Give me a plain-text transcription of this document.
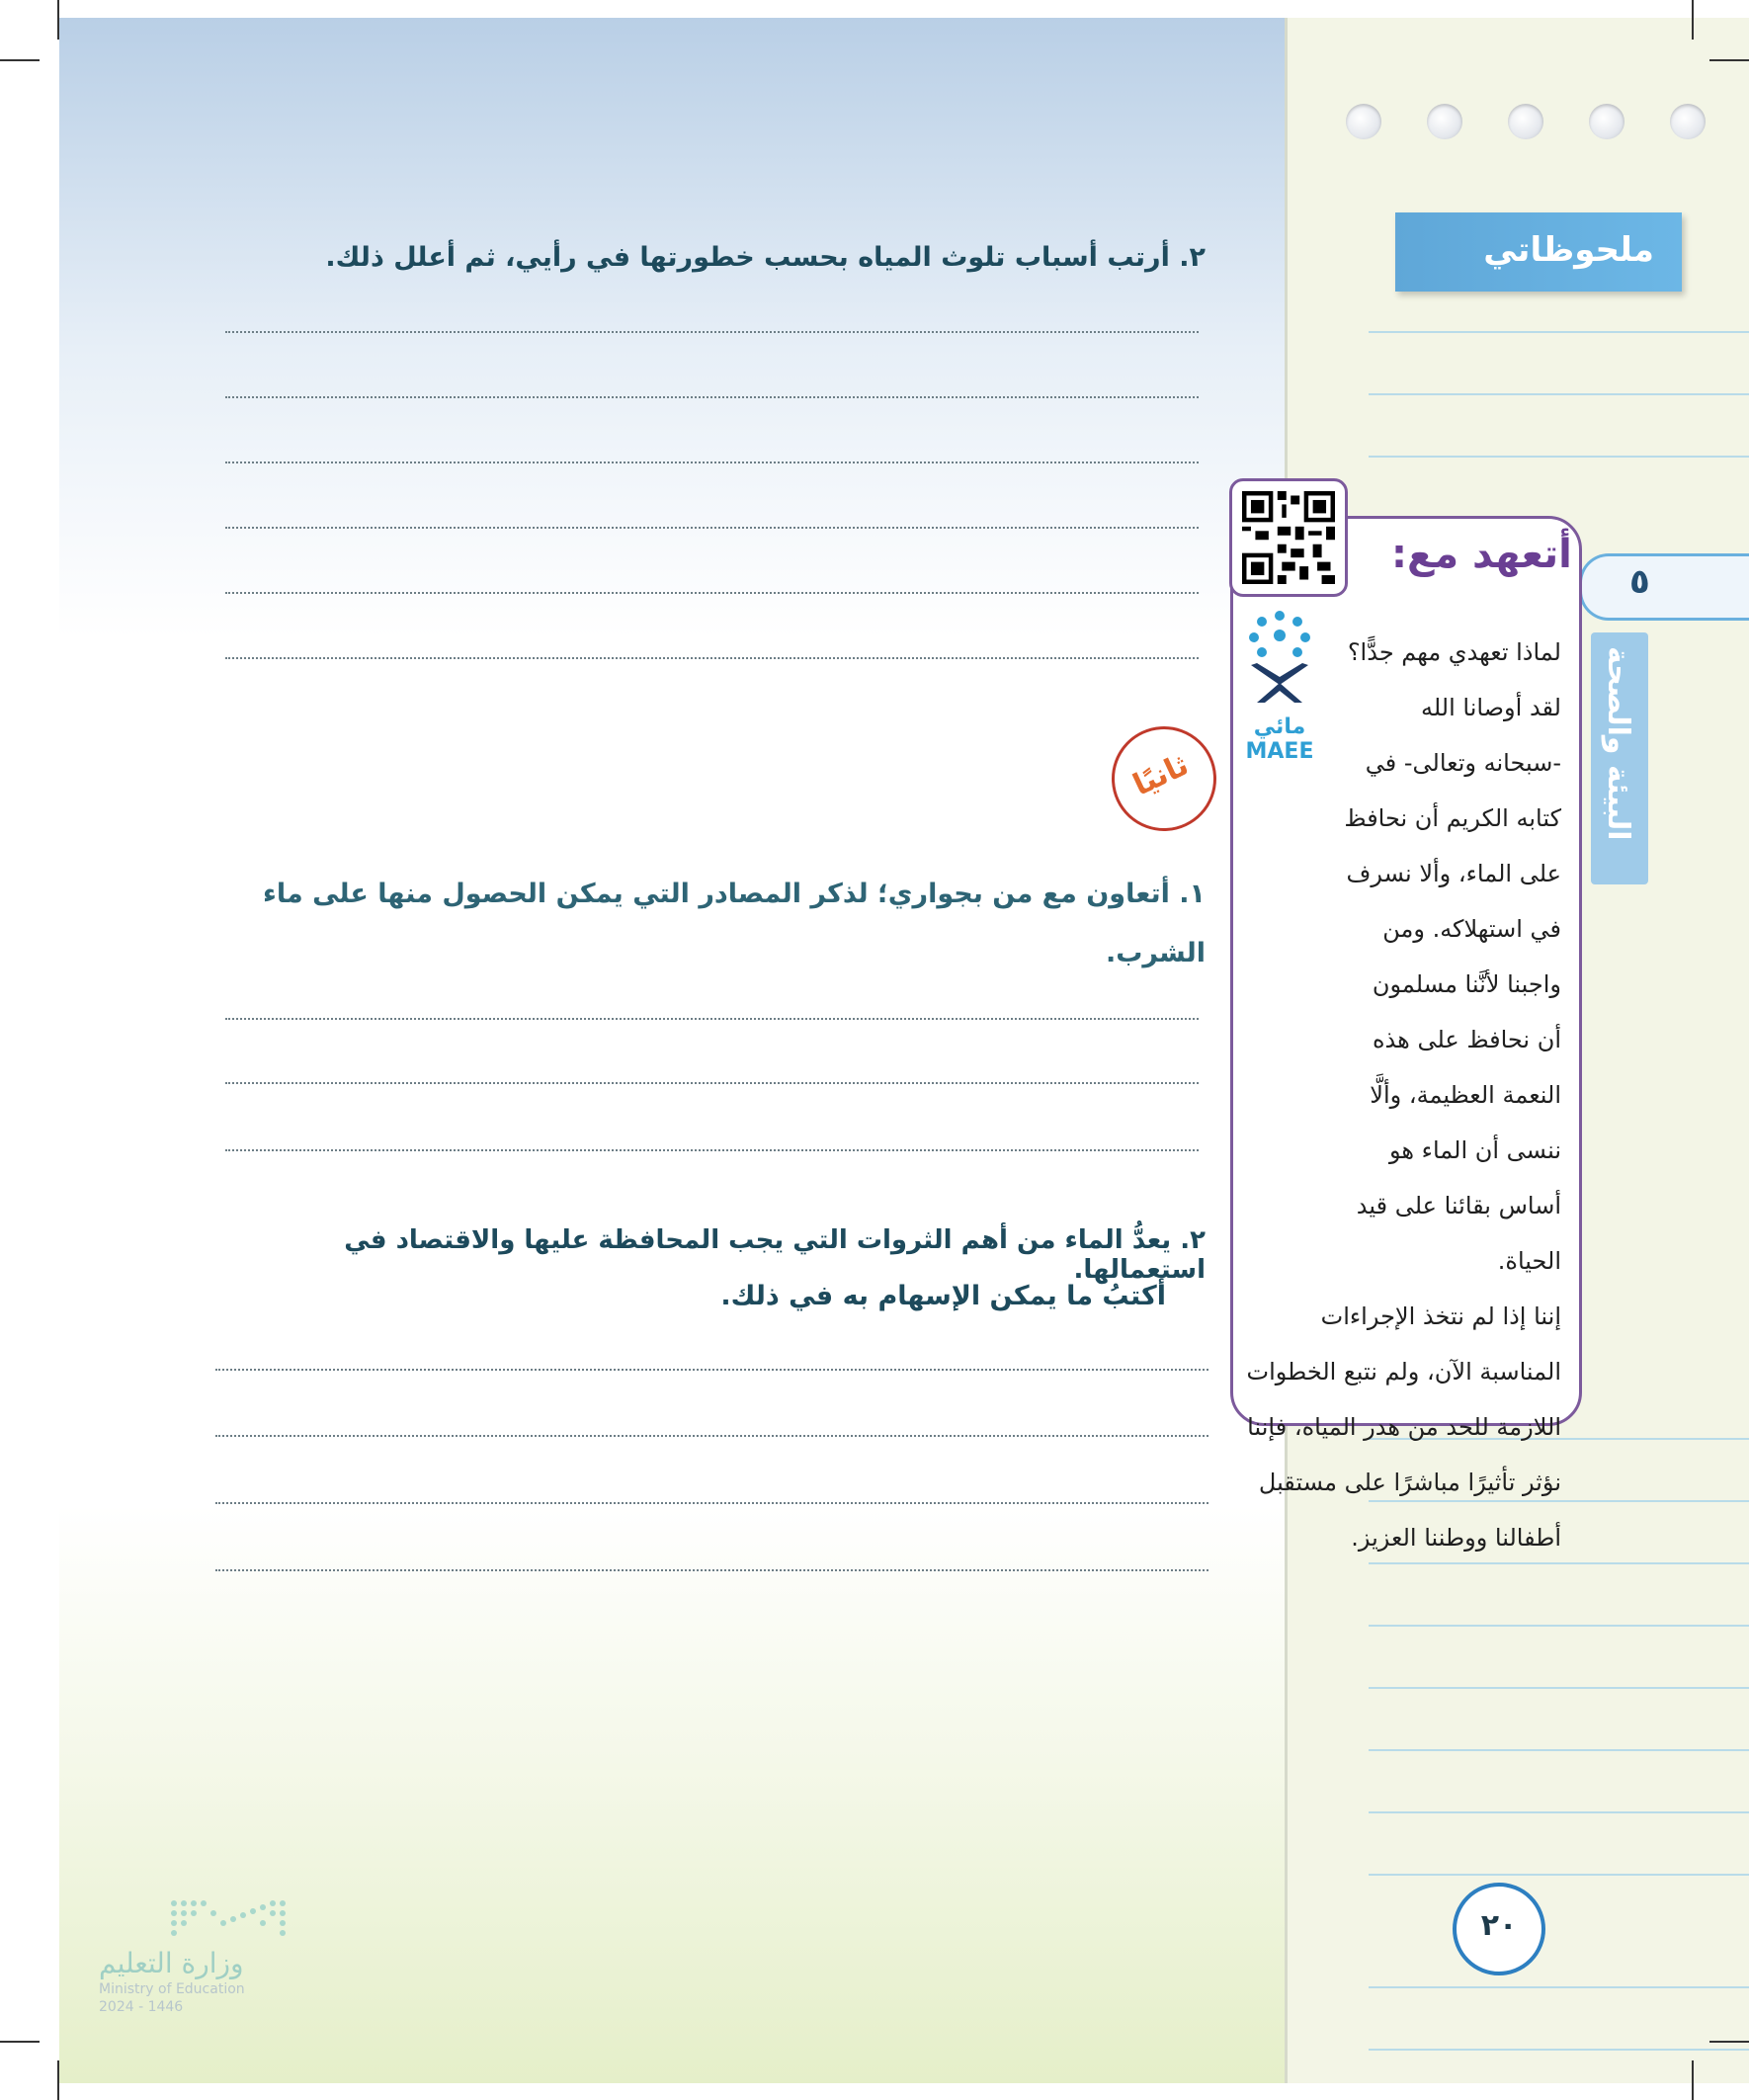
ملحوظاتي
٥
البيئة والصحة
٢. أرتب أسباب تلوث المياه بحسب خطورتها في رأيي، ثم أعلل ذلك.
ثانيًا
١. أتعاون مع من بجواري؛ لذكر المصادر التي يمكن الحصول منها على ماء الشرب.
٢. يعدُّ الماء من أهم الثروات التي يجب المحافظة عليها والاقتصاد في استعمالها.
أكتبُ ما يمكن الإسهام به في ذلك.
أتعهد مع:
مائي
MAEE
لماذا تعهدي مهم جدًّا؟ لقد أوصانا الله -سبحانه وتعالى- في كتابه الكريم أن نحافظ على الماء، وألا نسرف في استهلاكه. ومن واجبنا لأنَّنا مسلمون أن نحافظ على هذه النعمة العظيمة، وألَّا ننسى أن الماء هو أساس بقائنا على قيد الحياة.
إننا إذا لم نتخذ الإجراءات المناسبة الآن، ولم نتبع الخطوات اللازمة للحد من هدر المياه، فإننا نؤثر تأثيرًا مباشرًا على مستقبل أطفالنا ووطننا العزيز.
٢٠
وزارة التعليم
Ministry of Education
2024 - 1446
